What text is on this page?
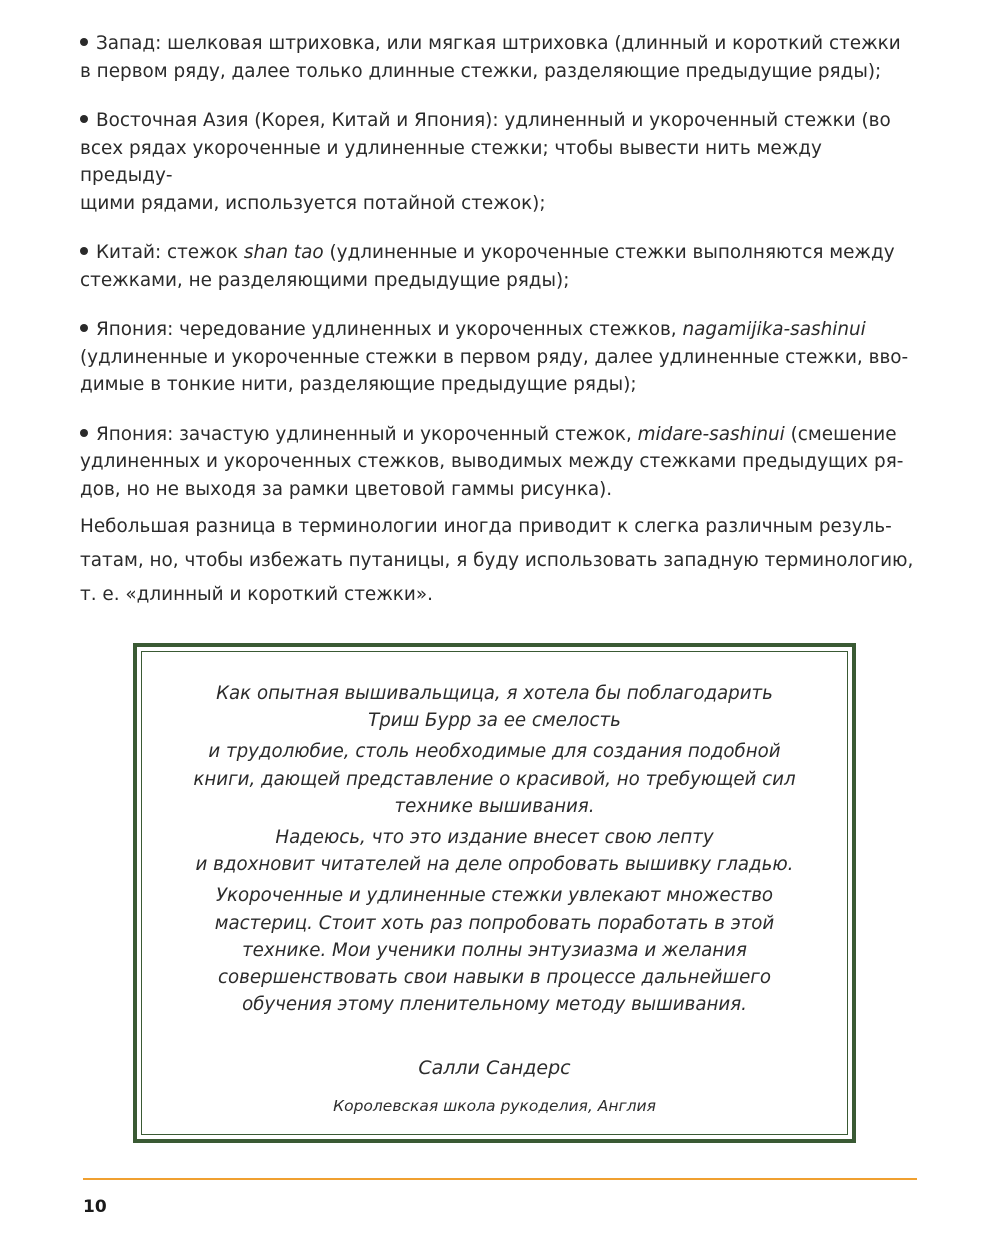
Запад: шелковая штриховка, или мягкая штриховка (длинный и короткий стежки
в первом ряду, далее только длинные стежки, разделяющие предыдущие ряды);
Восточная Азия (Корея, Китай и Япония): удлиненный и укороченный стежки (во
всех рядах укороченные и удлиненные стежки; чтобы вывести нить между предыду-
щими рядами, используется потайной стежок);
Китай: стежок shan tao (удлиненные и укороченные стежки выполняются между
стежками, не разделяющими предыдущие ряды);
Япония: чередование удлиненных и укороченных стежков, nagamijika-sashinui
(удлиненные и укороченные стежки в первом ряду, далее удлиненные стежки, вво-
димые в тонкие нити, разделяющие предыдущие ряды);
Япония: зачастую удлиненный и укороченный стежок, midare-sashinui (смешение
удлиненных и укороченных стежков, выводимых между стежками предыдущих ря-
дов, но не выходя за рамки цветовой гаммы рисунка).
Небольшая разница в терминологии иногда приводит к слегка различным резуль-
татам, но, чтобы избежать путаницы, я буду использовать западную терминологию,
т. е. «длинный и короткий стежки».

Как опытная вышивальщица, я хотела бы поблагодарить
Триш Бурр за ее смелость

и трудолюбие, столь необходимые для создания подобной
книги, дающей представление о красивой, но требующей сил
технике вышивания.

Надеюсь, что это издание внесет свою лепту
и вдохновит читателей на деле опробовать вышивку гладью.

Укороченные и удлиненные стежки увлекают множество
мастериц. Стоит хоть раз попробовать поработать в этой
технике. Мои ученики полны энтузиазма и желания
совершенствовать свои навыки в процессе дальнейшего
обучения этому пленительному методу вышивания.

Салли Сандерс
Королевская школа рукоделия, Англия
10
